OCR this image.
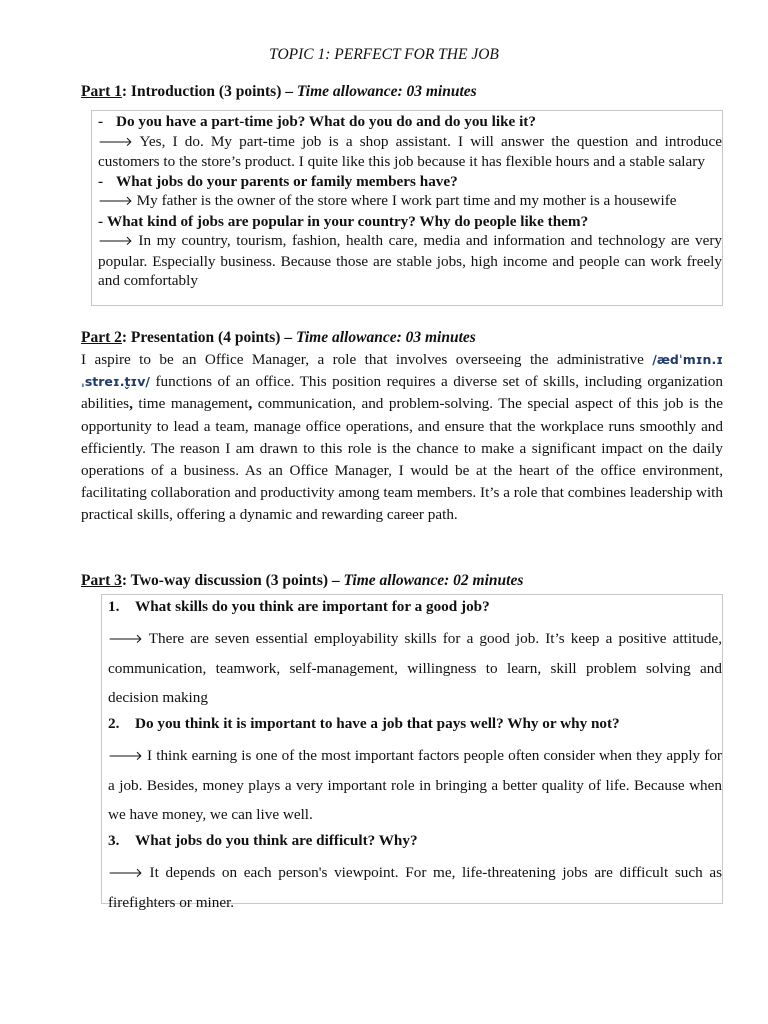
TOPIC 1: PERFECT FOR THE JOB
Part 1: Introduction (3 points) – Time allowance: 03 minutes
- Do you have a part-time job? What do you do and do you like it?
🡒 Yes, I do. My part-time job is a shop assistant. I will answer the question and introduce customers to the store’s product. I quite like this job because it has flexible hours and a stable salary
- What jobs do your parents or family members have?
🡒 My father is the owner of the store where I work part time and my mother is a housewife
- What kind of jobs are popular in your country? Why do people like them?
🡒 In my country, tourism, fashion, health care, media and information and technology are very popular. Especially business. Because those are stable jobs, high income and people can work freely and comfortably
Part 2: Presentation (4 points) – Time allowance: 03 minutes
I aspire to be an Office Manager, a role that involves overseeing the administrative /ædˈmɪn.ɪˌstreɪ.t̬ɪv/ functions of an office. This position requires a diverse set of skills, including organization abilities, time management, communication, and problem-solving. The special aspect of this job is the opportunity to lead a team, manage office operations, and ensure that the workplace runs smoothly and efficiently. The reason I am drawn to this role is the chance to make a significant impact on the daily operations of a business. As an Office Manager, I would be at the heart of the office environment, facilitating collaboration and productivity among team members. It’s a role that combines leadership with practical skills, offering a dynamic and rewarding career path.
Part 3: Two-way discussion (3 points) – Time allowance: 02 minutes
1. What skills do you think are important for a good job?
🡒 There are seven essential employability skills for a good job. It’s keep a positive attitude, communication, teamwork, self-management, willingness to learn, skill problem solving and decision making
2. Do you think it is important to have a job that pays well? Why or why not?
🡒 I think earning is one of the most important factors people often consider when they apply for a job. Besides, money plays a very important role in bringing a better quality of life. Because when we have money, we can live well.
3. What jobs do you think are difficult? Why?
🡒 It depends on each person's viewpoint. For me, life-threatening jobs are difficult such as firefighters or miner.
